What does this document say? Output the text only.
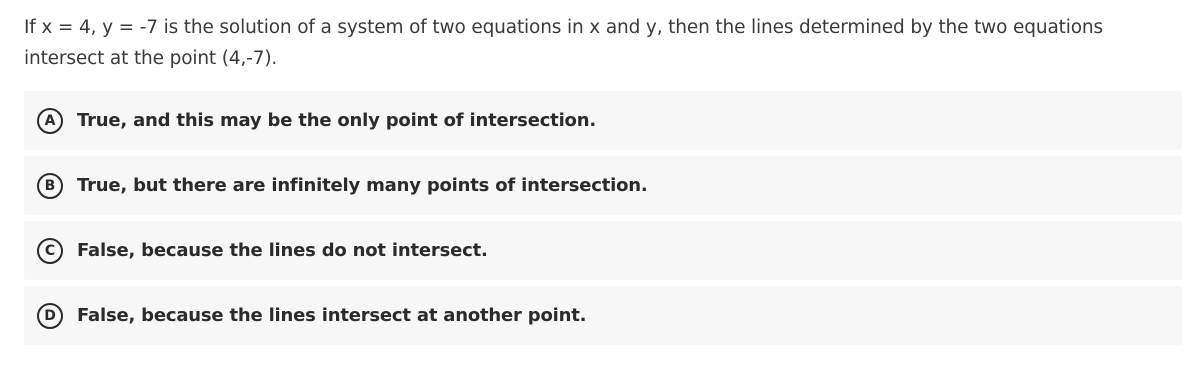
If x = 4, y = -7 is the solution of a system of two equations in x and y, then the lines determined by the two equations intersect at the point (4,-7).
A	True, and this may be the only point of intersection.
B	True, but there are infinitely many points of intersection.
C	False, because the lines do not intersect.
D	False, because the lines intersect at another point.
